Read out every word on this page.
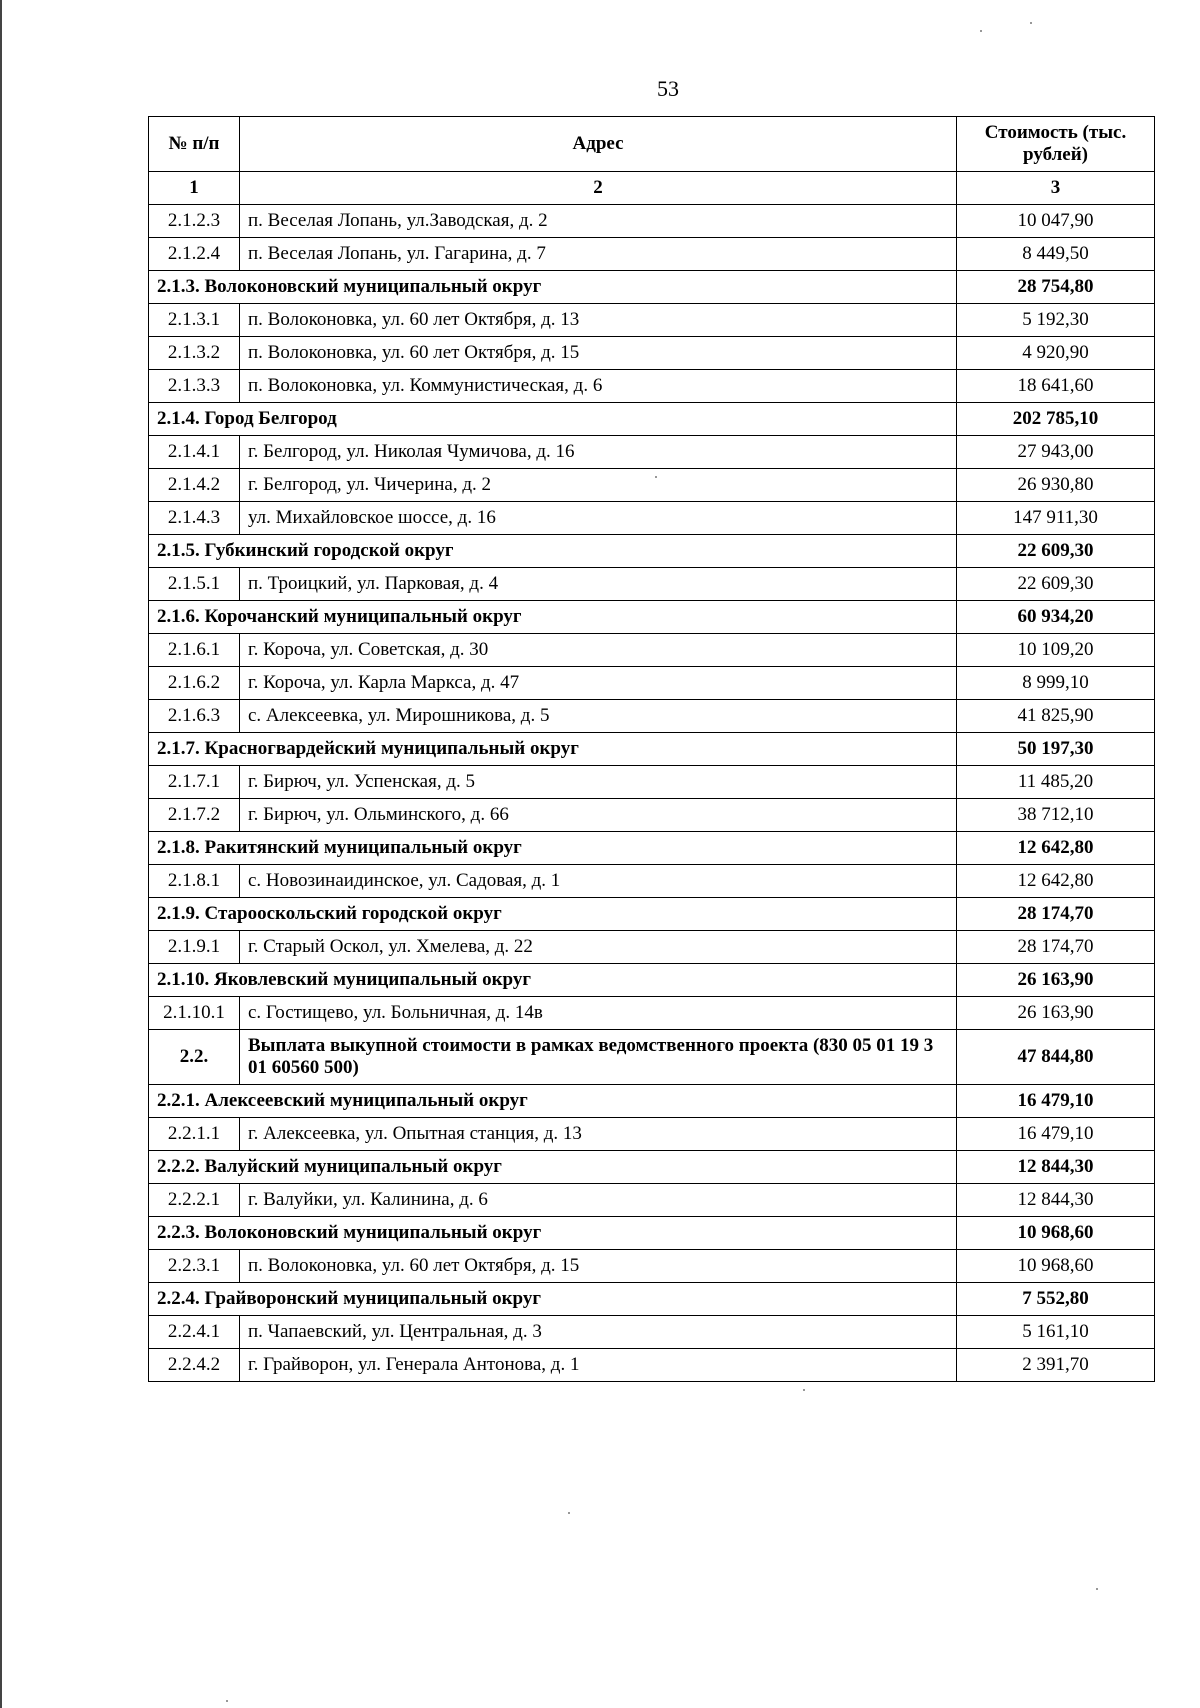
53
№ п/п	Адрес	Стоимость (тыс. рублей)
1	2	3
2.1.2.3	п. Веселая Лопань, ул.Заводская, д. 2	10 047,90
2.1.2.4	п. Веселая Лопань, ул. Гагарина, д. 7	8 449,50
2.1.3. Волоконовский муниципальный округ		28 754,80
2.1.3.1	п. Волоконовка, ул. 60 лет Октября, д. 13	5 192,30
2.1.3.2	п. Волоконовка, ул. 60 лет Октября, д. 15	4 920,90
2.1.3.3	п. Волоконовка, ул. Коммунистическая, д. 6	18 641,60
2.1.4. Город Белгород		202 785,10
2.1.4.1	г. Белгород, ул. Николая Чумичова, д. 16	27 943,00
2.1.4.2	г. Белгород, ул. Чичерина, д. 2	26 930,80
2.1.4.3	ул. Михайловское шоссе, д. 16	147 911,30
2.1.5. Губкинский городской округ		22 609,30
2.1.5.1	п. Троицкий, ул. Парковая, д. 4	22 609,30
2.1.6. Корочанский муниципальный округ		60 934,20
2.1.6.1	г. Короча, ул. Советская, д. 30	10 109,20
2.1.6.2	г. Короча, ул. Карла Маркса, д. 47	8 999,10
2.1.6.3	с. Алексеевка, ул. Мирошникова, д. 5	41 825,90
2.1.7. Красногвардейский муниципальный округ		50 197,30
2.1.7.1	г. Бирюч, ул. Успенская, д. 5	11 485,20
2.1.7.2	г. Бирюч, ул. Ольминского, д. 66	38 712,10
2.1.8. Ракитянский муниципальный округ		12 642,80
2.1.8.1	с. Новозинаидинское, ул. Садовая, д. 1	12 642,80
2.1.9. Старооскольский городской округ		28 174,70
2.1.9.1	г. Старый Оскол, ул. Хмелева, д. 22	28 174,70
2.1.10. Яковлевский муниципальный округ		26 163,90
2.1.10.1	с. Гостищево, ул. Больничная, д. 14в	26 163,90
2.2.	Выплата выкупной стоимости в рамках ведомственного проекта (830 05 01 19 3 01 60560 500)	47 844,80
2.2.1. Алексеевский муниципальный округ		16 479,10
2.2.1.1	г. Алексеевка, ул. Опытная станция, д. 13	16 479,10
2.2.2. Валуйский муниципальный округ		12 844,30
2.2.2.1	г. Валуйки, ул. Калинина, д. 6	12 844,30
2.2.3. Волоконовский муниципальный округ		10 968,60
2.2.3.1	п. Волоконовка, ул. 60 лет Октября, д. 15	10 968,60
2.2.4. Грайворонский муниципальный округ		7 552,80
2.2.4.1	п. Чапаевский, ул. Центральная, д. 3	5 161,10
2.2.4.2	г. Грайворон, ул. Генерала Антонова, д. 1	2 391,70
